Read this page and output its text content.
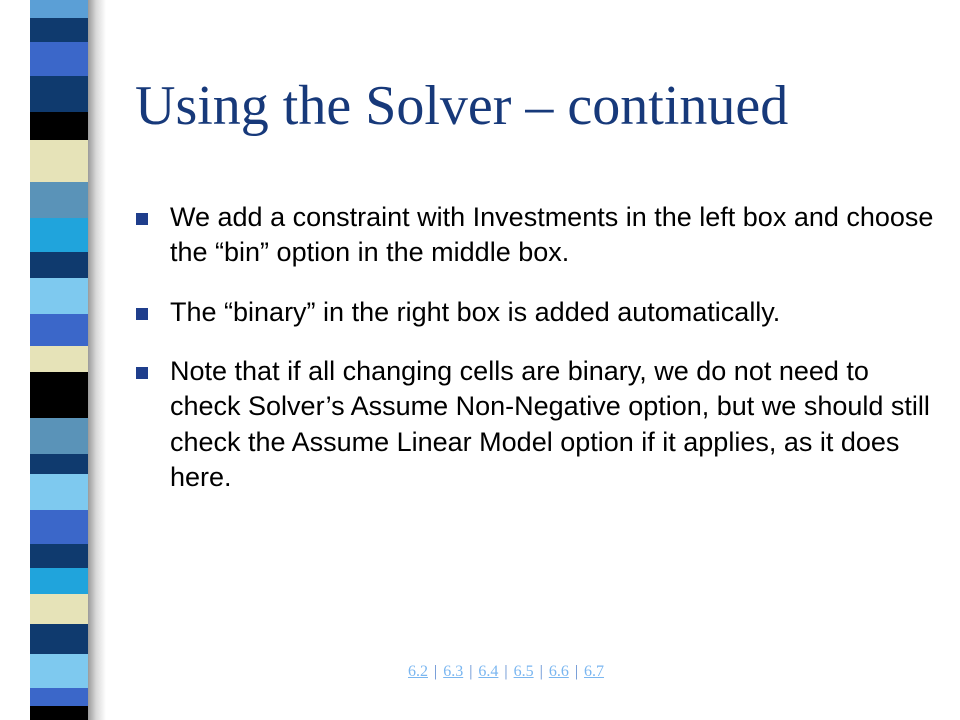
Using the Solver – continued
We add a constraint with Investments in the left box and choose the “bin” option in the middle box.
The “binary” in the right box is added automatically.
Note that if all changing cells are binary, we do not need to check Solver’s Assume Non-Negative option, but we should still check the Assume Linear Model option if it applies, as it does here.
6.2 | 6.3 | 6.4 | 6.5 | 6.6 | 6.7
